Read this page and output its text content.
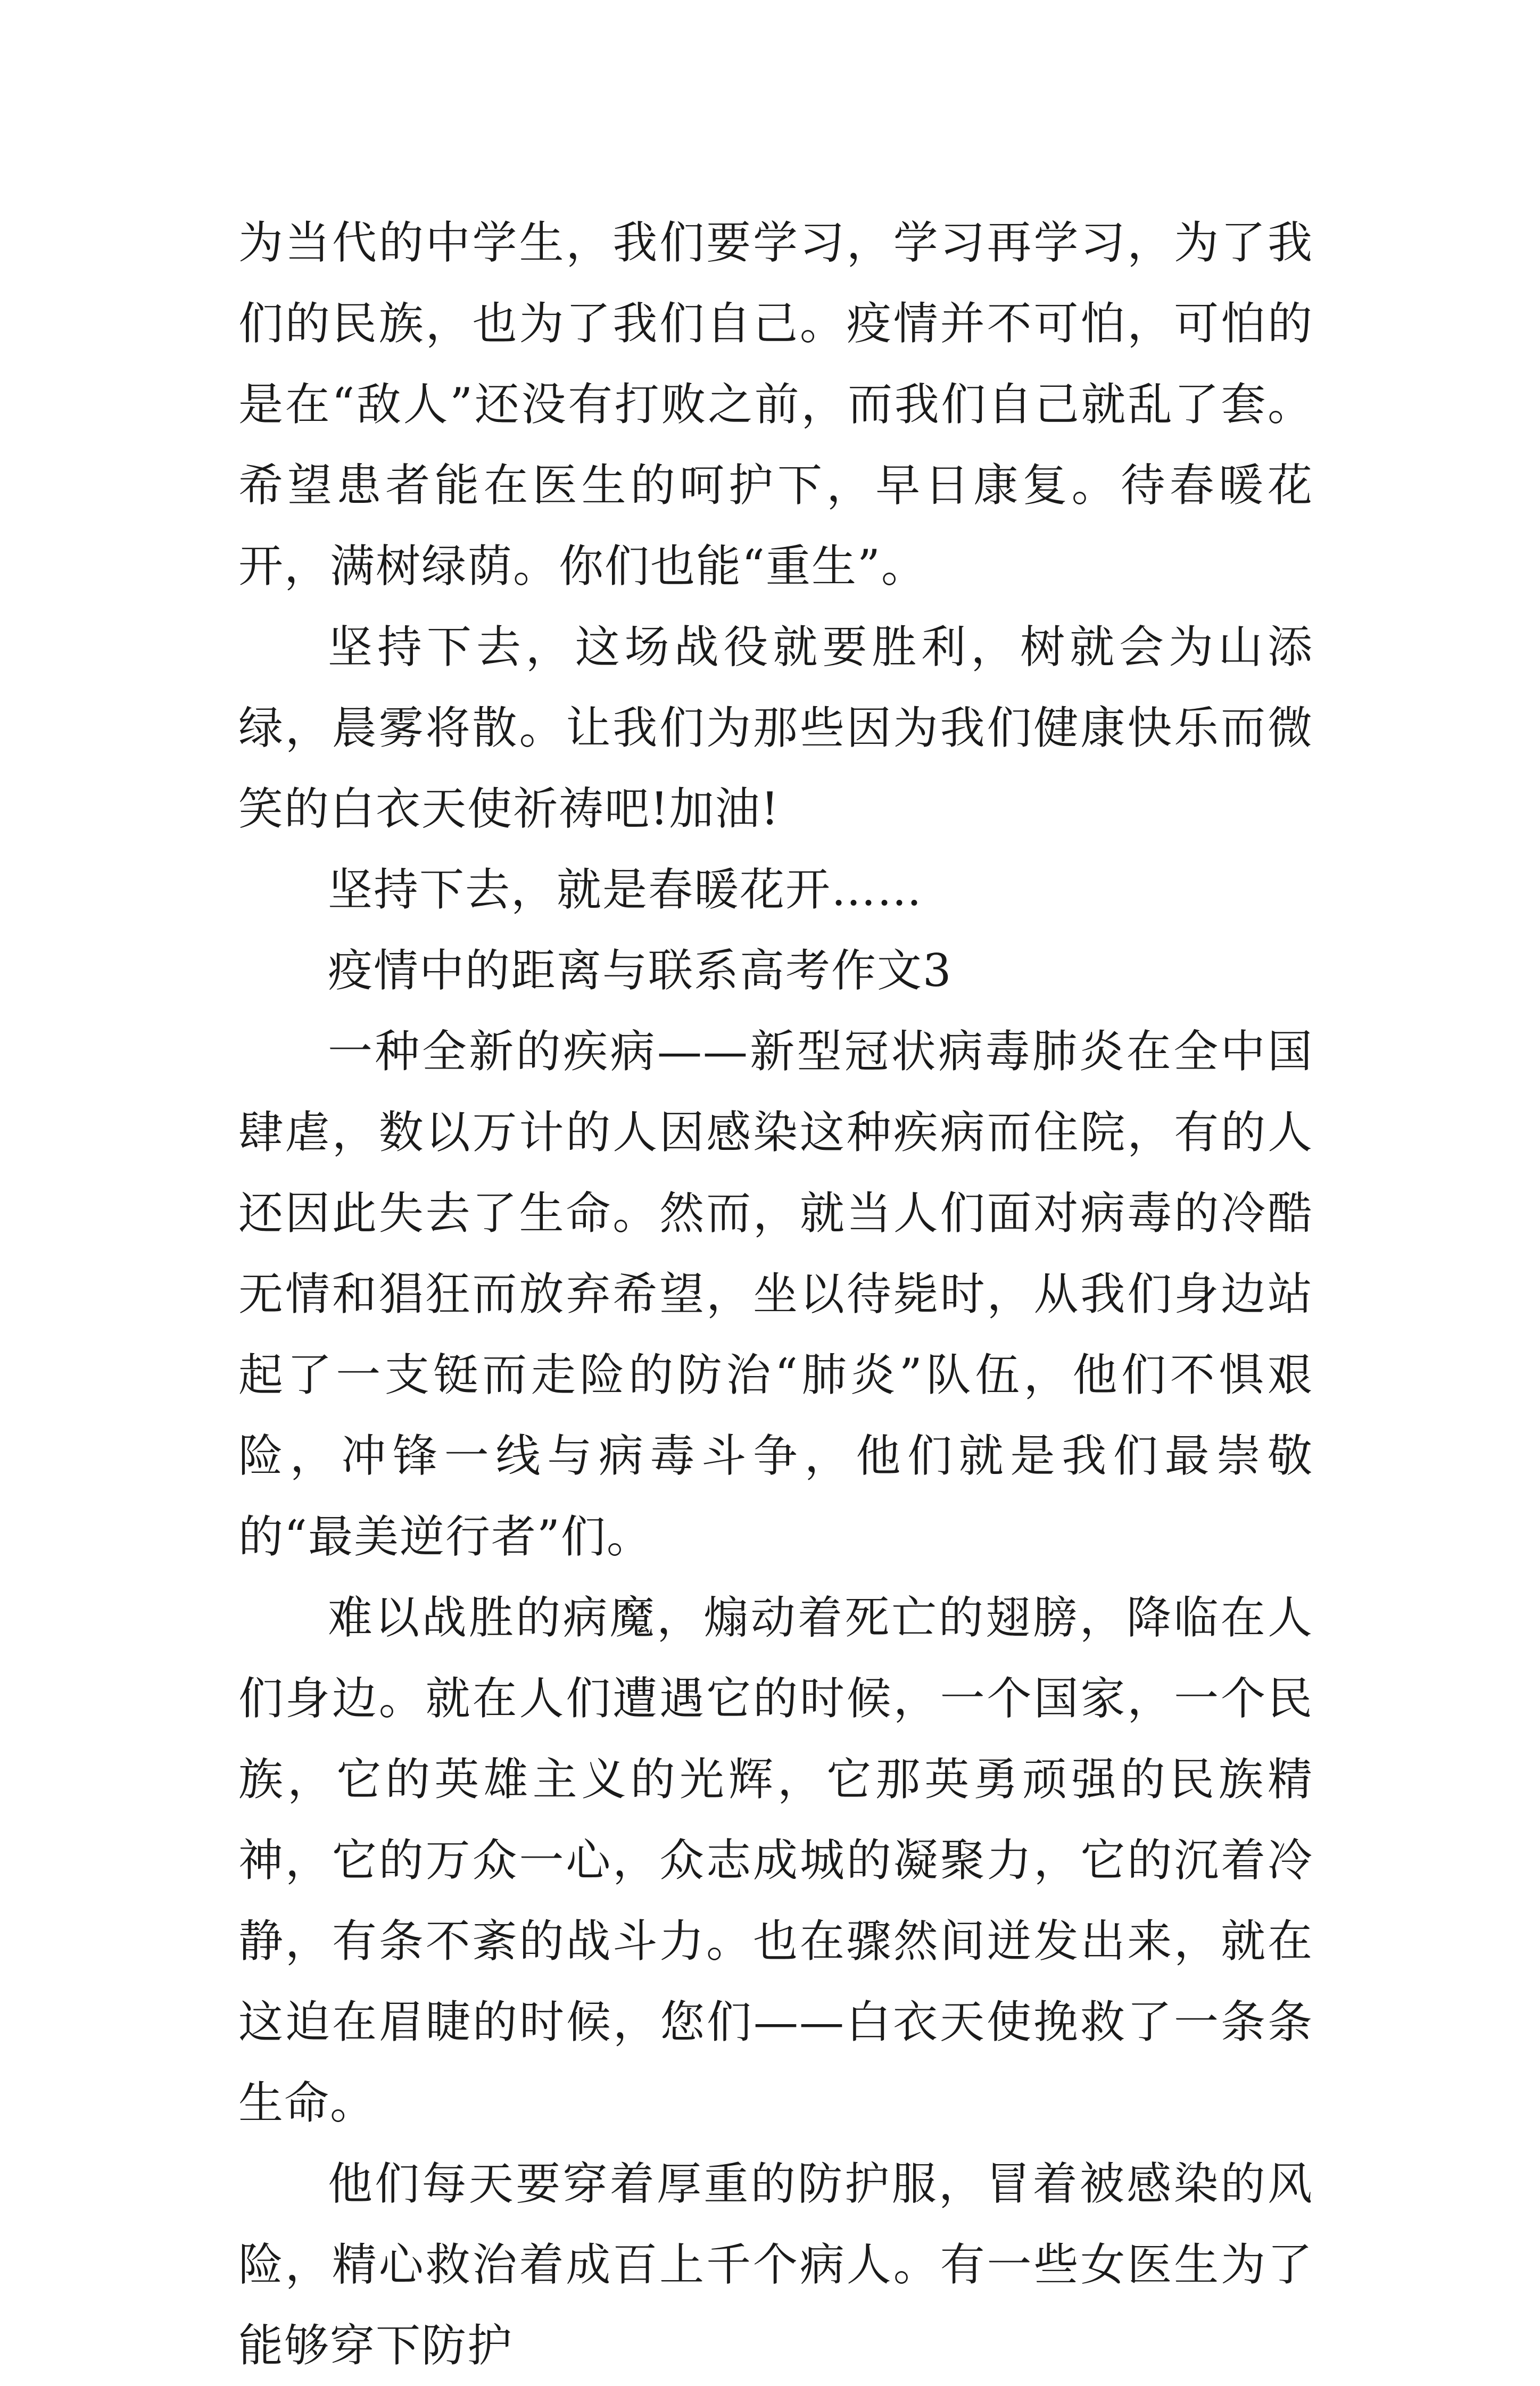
为当代的中学生，我们要学习，学习再学习，为了我们的民族，也为了我们自己。疫情并不可怕，可怕的是在“敌人”还没有打败之前，而我们自己就乱了套。希望患者能在医生的呵护下，早日康复。待春暖花开，满树绿荫。你们也能“重生”。

坚持下去，这场战役就要胜利，树就会为山添绿，晨雾将散。让我们为那些因为我们健康快乐而微笑的白衣天使祈祷吧!加油!

坚持下去，就是春暖花开……

疫情中的距离与联系高考作文3

一种全新的疾病——新型冠状病毒肺炎在全中国肆虐，数以万计的人因感染这种疾病而住院，有的人还因此失去了生命。然而，就当人们面对病毒的冷酷无情和猖狂而放弃希望，坐以待毙时，从我们身边站起了一支铤而走险的防治“肺炎”队伍，他们不惧艰险，冲锋一线与病毒斗争，他们就是我们最崇敬的“最美逆行者”们。

难以战胜的病魔，煽动着死亡的翅膀，降临在人们身边。就在人们遭遇它的时候，一个国家，一个民族，它的英雄主义的光辉，它那英勇顽强的民族精神，它的万众一心，众志成城的凝聚力，它的沉着冷静，有条不紊的战斗力。也在骤然间迸发出来，就在这迫在眉睫的时候，您们——白衣天使挽救了一条条生命。

他们每天要穿着厚重的防护服，冒着被感染的风险，精心救治着成百上千个病人。有一些女医生为了能够穿下防护
